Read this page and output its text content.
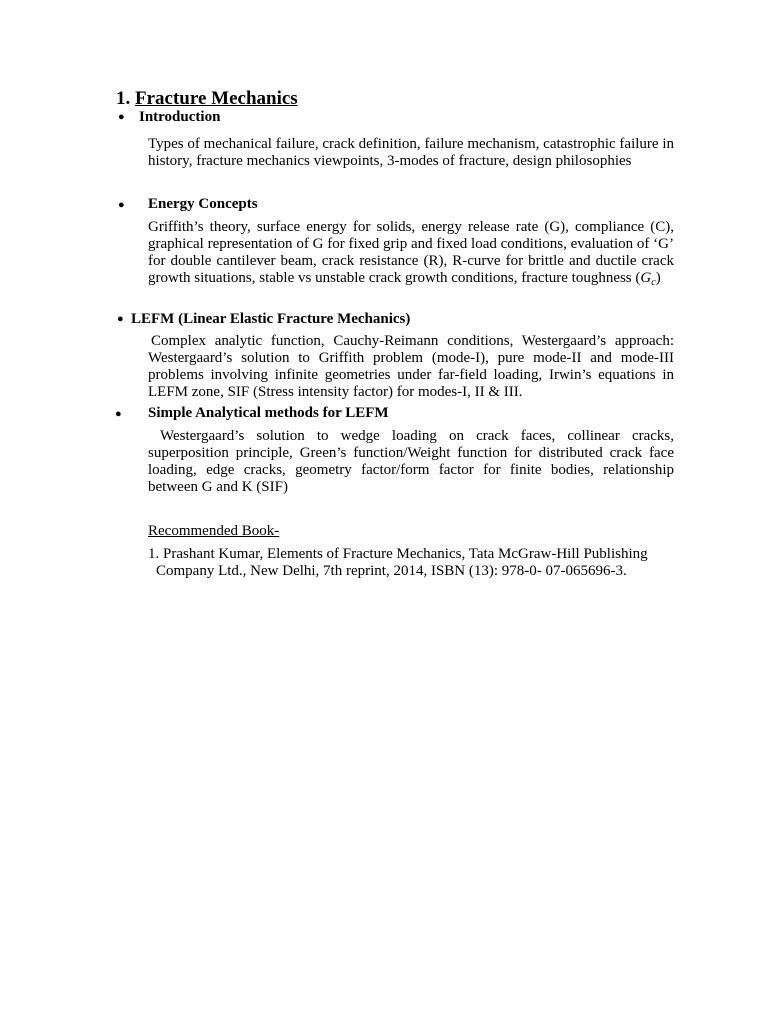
1. Fracture Mechanics
● Introduction
Types of mechanical failure, crack definition, failure mechanism, catastrophic failure in history, fracture mechanics viewpoints, 3-modes of fracture, design philosophies
● Energy Concepts
Griffith’s theory, surface energy for solids, energy release rate (G), compliance (C), graphical representation of G for fixed grip and fixed load conditions, evaluation of ‘G’ for double cantilever beam, crack resistance (R), R-curve for brittle and ductile crack growth situations, stable vs unstable crack growth conditions, fracture toughness $(G_c)$
● LEFM (Linear Elastic Fracture Mechanics)
Complex analytic function, Cauchy-Reimann conditions, Westergaard’s approach: Westergaard’s solution to Griffith problem (mode-I), pure mode-II and mode-III problems involving infinite geometries under far-field loading, Irwin’s equations in LEFM zone, SIF (Stress intensity factor) for modes-I, II & III.
● Simple Analytical methods for LEFM
Westergaard’s solution to wedge loading on crack faces, collinear cracks, superposition principle, Green’s function/Weight function for distributed crack face loading, edge cracks, geometry factor/form factor for finite bodies, relationship between G and K (SIF)
Recommended Book-
1. Prashant Kumar, Elements of Fracture Mechanics, Tata McGraw-Hill Publishing
Company Ltd., New Delhi, 7th reprint, 2014, ISBN (13): 978-0- 07-065696-3.
